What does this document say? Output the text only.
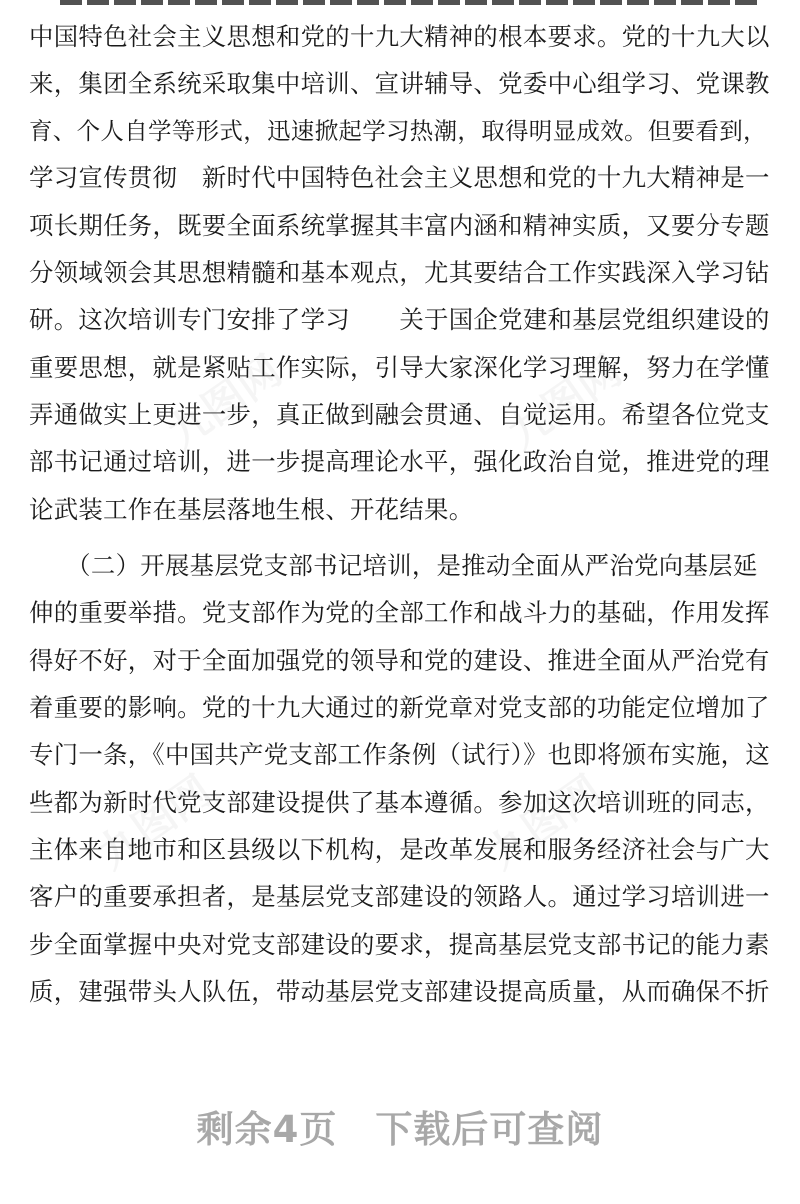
九图网	九图网
九图网	九图网
中国特色社会主义思想和党的十九大精神的根本要求。党的十九大以
来，集团全系统采取集中培训、宣讲辅导、党委中心组学习、党课教
育、个人自学等形式，迅速掀起学习热潮，取得明显成效。但要看到，
学习宣传贯彻　新时代中国特色社会主义思想和党的十九大精神是一
项长期任务，既要全面系统掌握其丰富内涵和精神实质，又要分专题
分领域领会其思想精髓和基本观点，尤其要结合工作实践深入学习钻
研。这次培训专门安排了学习　　关于国企党建和基层党组织建设的
重要思想，就是紧贴工作实际，引导大家深化学习理解，努力在学懂
弄通做实上更进一步，真正做到融会贯通、自觉运用。希望各位党支
部书记通过培训，进一步提高理论水平，强化政治自觉，推进党的理
论武装工作在基层落地生根、开花结果。
　　（二）开展基层党支部书记培训，是推动全面从严治党向基层延
伸的重要举措。党支部作为党的全部工作和战斗力的基础，作用发挥
得好不好，对于全面加强党的领导和党的建设、推进全面从严治党有
着重要的影响。党的十九大通过的新党章对党支部的功能定位增加了
专门一条，《中国共产党支部工作条例（试行）》也即将颁布实施，这
些都为新时代党支部建设提供了基本遵循。参加这次培训班的同志，
主体来自地市和区县级以下机构，是改革发展和服务经济社会与广大
客户的重要承担者，是基层党支部建设的领路人。通过学习培训进一
步全面掌握中央对党支部建设的要求，提高基层党支部书记的能力素
质，建强带头人队伍，带动基层党支部建设提高质量，从而确保不折
剩余4页　下载后可查阅
